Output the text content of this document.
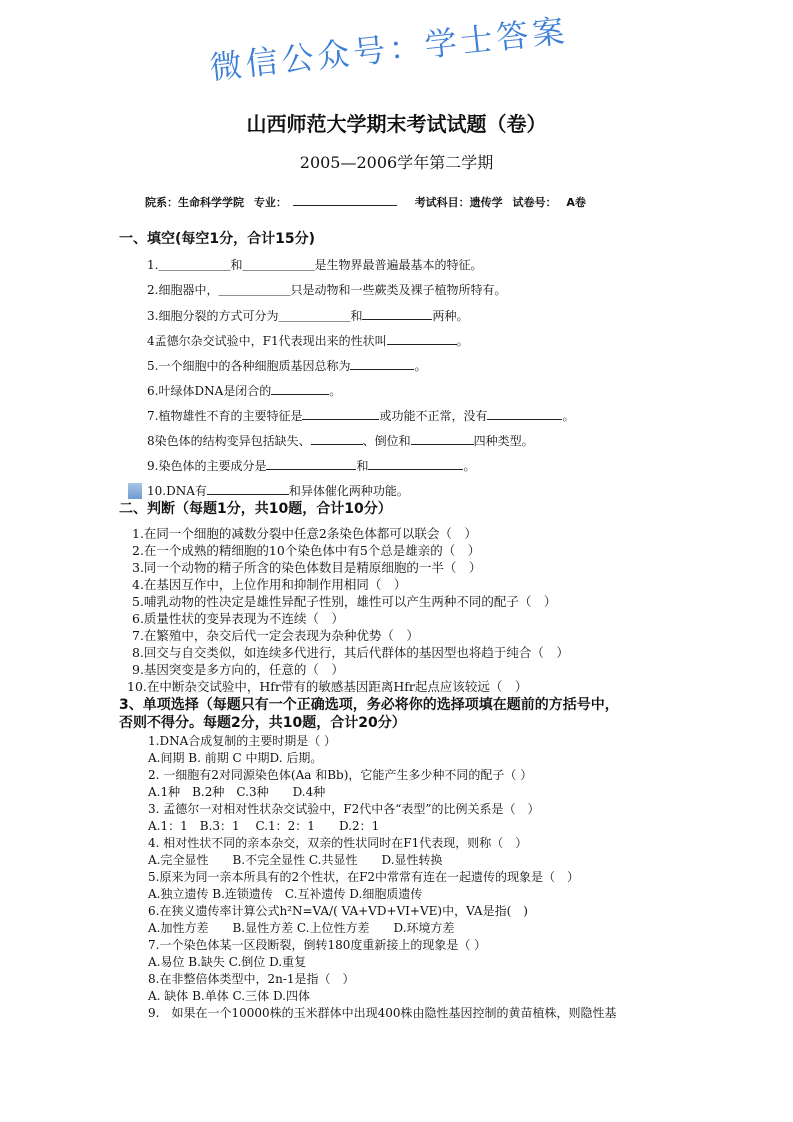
微信公众号：学士答案
山西师范大学期末考试试题（卷）
2005—2006学年第二学期
院系：生命科学学院 专业：	考试科目：遗传学 试卷号： A卷
一、填空(每空1分，合计15分)
1.＿＿＿＿＿＿和＿＿＿＿＿＿是生物界最普遍最基本的特征。
2.细胞器中，＿＿＿＿＿＿只是动物和一些蕨类及裸子植物所特有。
3.细胞分裂的方式可分为＿＿＿＿＿＿和	两种。
4孟德尔杂交试验中，F1代表现出来的性状叫	。
5.一个细胞中的各种细胞质基因总称为	。
6.叶绿体DNA是闭合的	。
7.植物雄性不育的主要特征是	或功能不正常，没有	。
8染色体的结构变异包括缺失、	、倒位和	四种类型。
9.染色体的主要成分是	和	。
10.DNA有	和异体催化两种功能。
二、判断（每题1分，共10题，合计10分）
1.在同一个细胞的减数分裂中任意2条染色体都可以联会（　）
2.在一个成熟的精细胞的10个染色体中有5个总是雄亲的（　）
3.同一个动物的精子所含的染色体数目是精原细胞的一半（　）
4.在基因互作中，上位作用和抑制作用相同（　）
5.哺乳动物的性决定是雄性异配子性别，雄性可以产生两种不同的配子（　）
6.质量性状的变异表现为不连续（　）
7.在繁殖中，杂交后代一定会表现为杂种优势（　）
8.回交与自交类似，如连续多代进行，其后代群体的基因型也将趋于纯合（　）
9.基因突变是多方向的，任意的（　）
10.在中断杂交试验中，Hfr带有的敏感基因距离Hfr起点应该较远（　）
3、单项选择（每题只有一个正确选项，务必将你的选择项填在题前的方括号中，
否则不得分。每题2分，共10题，合计20分）
1.DNA合成复制的主要时期是（ ）
A.间期 B. 前期 C 中期D. 后期。
2. 一细胞有2对同源染色体(Aa 和Bb)，它能产生多少种不同的配子（ ）
A.1种　B.2种　C.3种　　D.4种
3. 孟德尔一对相对性状杂交试验中，F2代中各“表型”的比例关系是（　）
A.1：1　B.3：1　 C.1：2：1　　D.2：1
4. 相对性状不同的亲本杂交，双亲的性状同时在F1代表现，则称（　）
A.完全显性　　B.不完全显性 C.共显性　　D.显性转换
5.原来为同一亲本所具有的2个性状，在F2中常常有连在一起遗传的现象是（　）
A.独立遗传 B.连锁遗传　C.互补遗传 D.细胞质遗传
6.在狭义遗传率计算公式h²N=VA/( VA+VD+VI+VE)中，VA是指(　)
A.加性方差　　B.显性方差 C.上位性方差　　D.环境方差
7.一个染色体某一区段断裂，倒转180度重新接上的现象是（ ）
A.易位 B.缺失 C.倒位 D.重复
8.在非整倍体类型中，2n-1是指（　）
A. 缺体 B.单体 C.三体 D.四体
9.　如果在一个10000株的玉米群体中出现400株由隐性基因控制的黄苗植株，则隐性基
